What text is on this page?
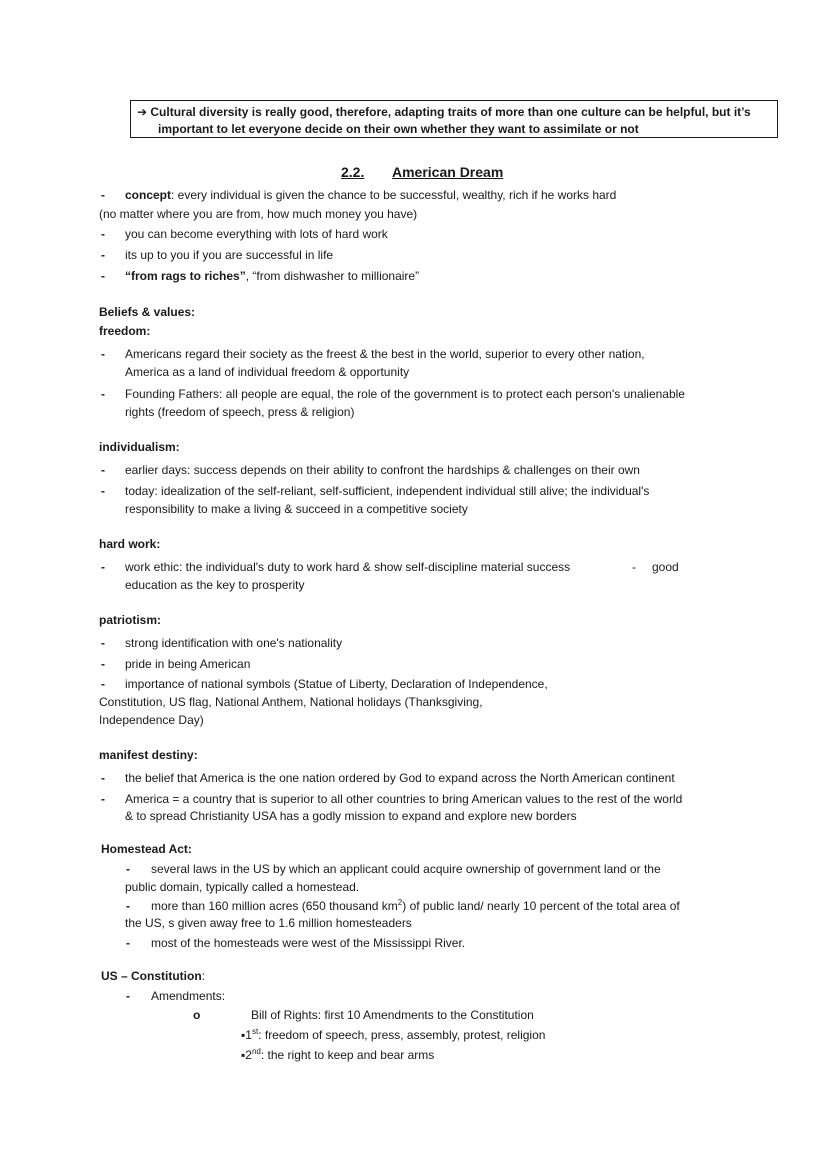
➔ Cultural diversity is really good, therefore, adapting traits of more than one culture can be helpful, but it’s
important to let everyone decide on their own whether they want to assimilate or not
2.2. American Dream
-	concept: every individual is given the chance to be successful, wealthy, rich if he works hard
(no matter where you are from, how much money you have)
-	you can become everything with lots of hard work
-	its up to you if you are successful in life
-	“from rags to riches”, “from dishwasher to millionaire”
Beliefs & values:
freedom:
-	Americans regard their society as the freest & the best in the world, superior to every other nation,
America as a land of individual freedom & opportunity
-	Founding Fathers: all people are equal, the role of the government is to protect each person's unalienable
rights (freedom of speech, press & religion)
individualism:
-	earlier days: success depends on their ability to confront the hardships & challenges on their own
-	today: idealization of the self-reliant, self-sufficient, independent individual still alive; the individual's
responsibility to make a living & succeed in a competitive society
hard work:
-	work ethic: the individual's duty to work hard & show self-discipline material success	- good
education as the key to prosperity
patriotism:
-	strong identification with one's nationality
-	pride in being American
-	importance of national symbols (Statue of Liberty, Declaration of Independence,
Constitution, US flag, National Anthem, National holidays (Thanksgiving,
Independence Day)
manifest destiny:
-	the belief that America is the one nation ordered by God to expand across the North American continent
-	America = a country that is superior to all other countries to bring American values to the rest of the world
& to spread Christianity USA has a godly mission to expand and explore new borders
Homestead Act:
-	several laws in the US by which an applicant could acquire ownership of government land or the
public domain, typically called a homestead.
-	more than 160 million acres (650 thousand $km^2$) of public land/ nearly 10 percent of the total area of
the US, s given away free to 1.6 million homesteaders
-	most of the homesteads were west of the Mississippi River.
US – Constitution:
-	Amendments:
o	Bill of Rights: first 10 Amendments to the Constitution
▪1st: freedom of speech, press, assembly, protest, religion
▪2nd: the right to keep and bear arms
